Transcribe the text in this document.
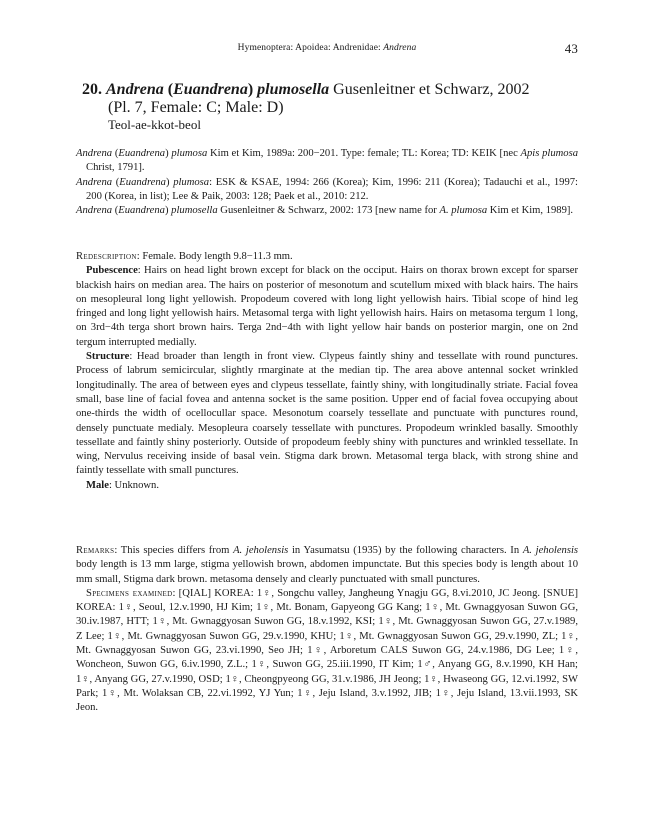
Hymenoptera: Apoidea: Andrenidae: Andrena	43
20. Andrena (Euandrena) plumosella Gusenleitner et Schwarz, 2002
(Pl. 7, Female: C; Male: D)
Teol-ae-kkot-beol

Andrena (Euandrena) plumosa Kim et Kim, 1989a: 200−201. Type: female; TL: Korea; TD: KEIK [nec Apis plumosa Christ, 1791].

Andrena (Euandrena) plumosa: ESK & KSAE, 1994: 266 (Korea); Kim, 1996: 211 (Korea); Tadauchi et al., 1997: 200 (Korea, in list); Lee & Paik, 2003: 128; Paek et al., 2010: 212.

Andrena (Euandrena) plumosella Gusenleitner & Schwarz, 2002: 173 [new name for A. plumosa Kim et Kim, 1989].

Redescription: Female. Body length 9.8−11.3 mm.

Pubescence: Hairs on head light brown except for black on the occiput. Hairs on thorax brown except for sparser blackish hairs on median area. The hairs on posterior of mesonotum and scutellum mixed with black hairs. The hairs on mesopleural long light yellowish. Propodeum covered with long light yellowish hairs. Tibial scope of hind leg fringed and long light yellowish hairs. Metasomal terga with light yellowish hairs. Hairs on metasoma tergum 1 long, on 3rd−4th terga short brown hairs. Terga 2nd−4th with light yellow hair bands on posterior margin, one on 2nd tergum interrupted medially.

Structure: Head broader than length in front view. Clypeus faintly shiny and tessellate with round punctures. Process of labrum semicircular, slightly rmarginate at the median tip. The area above antennal socket wrinkled longitudinally. The area of between eyes and clypeus tessellate, faintly shiny, with longitudinally striate. Facial fovea small, base line of facial fovea and antenna socket is the same position. Upper end of facial fovea occupying about one-thirds the width of ocellocullar space. Mesonotum coarsely tessellate and punctuate with punctures round, densely punctuate medialy. Mesopleura coarsely tessellate with punctures. Propodeum wrinkled basally. Smoothly tessellate and faintly shiny posteriorly. Outside of propodeum feebly shiny with punctures and wrinkled tessellate. In wing, Nervulus receiving inside of basal vein. Stigma dark brown. Metasomal terga black, with strong shine and faintly tessellate with small punctures.

Male: Unknown.

Remarks: This species differs from A. jeholensis in Yasumatsu (1935) by the following characters. In A. jeholensis body length is 13 mm large, stigma yellowish brown, abdomen impunctate. But this species body is length about 10 mm small, Stigma dark brown. metasoma densely and clearly punctuated with small punctures.

Specimens examined: [QIAL] KOREA: 1♀, Songchu valley, Jangheung Ynagju GG, 8.vi.2010, JC Jeong. [SNUE] KOREA: 1♀, Seoul, 12.v.1990, HJ Kim; 1♀, Mt. Bonam, Gapyeong GG Kang; 1♀, Mt. Gwnaggyosan Suwon GG, 30.iv.1987, HTT; 1♀, Mt. Gwnaggyosan Suwon GG, 18.v.1992, KSI; 1♀, Mt. Gwnaggyosan Suwon GG, 27.v.1989, Z Lee; 1♀, Mt. Gwnaggyosan Suwon GG, 29.v.1990, KHU; 1♀, Mt. Gwnaggyosan Suwon GG, 29.v.1990, ZL; 1♀, Mt. Gwnaggyosan Suwon GG, 23.vi.1990, Seo JH; 1♀, Arboretum CALS Suwon GG, 24.v.1986, DG Lee; 1♀, Woncheon, Suwon GG, 6.iv.1990, Z.L.; 1♀, Suwon GG, 25.iii.1990, IT Kim; 1♂, Anyang GG, 8.v.1990, KH Han; 1♀, Anyang GG, 27.v.1990, OSD; 1♀, Cheongpyeong GG, 31.v.1986, JH Jeong; 1♀, Hwaseong GG, 12.vi.1992, SW Park; 1♀, Mt. Wolaksan CB, 22.vi.1992, YJ Yun; 1♀, Jeju Island, 3.v.1992, JIB; 1♀, Jeju Island, 13.vii.1993, SK Jeon.
